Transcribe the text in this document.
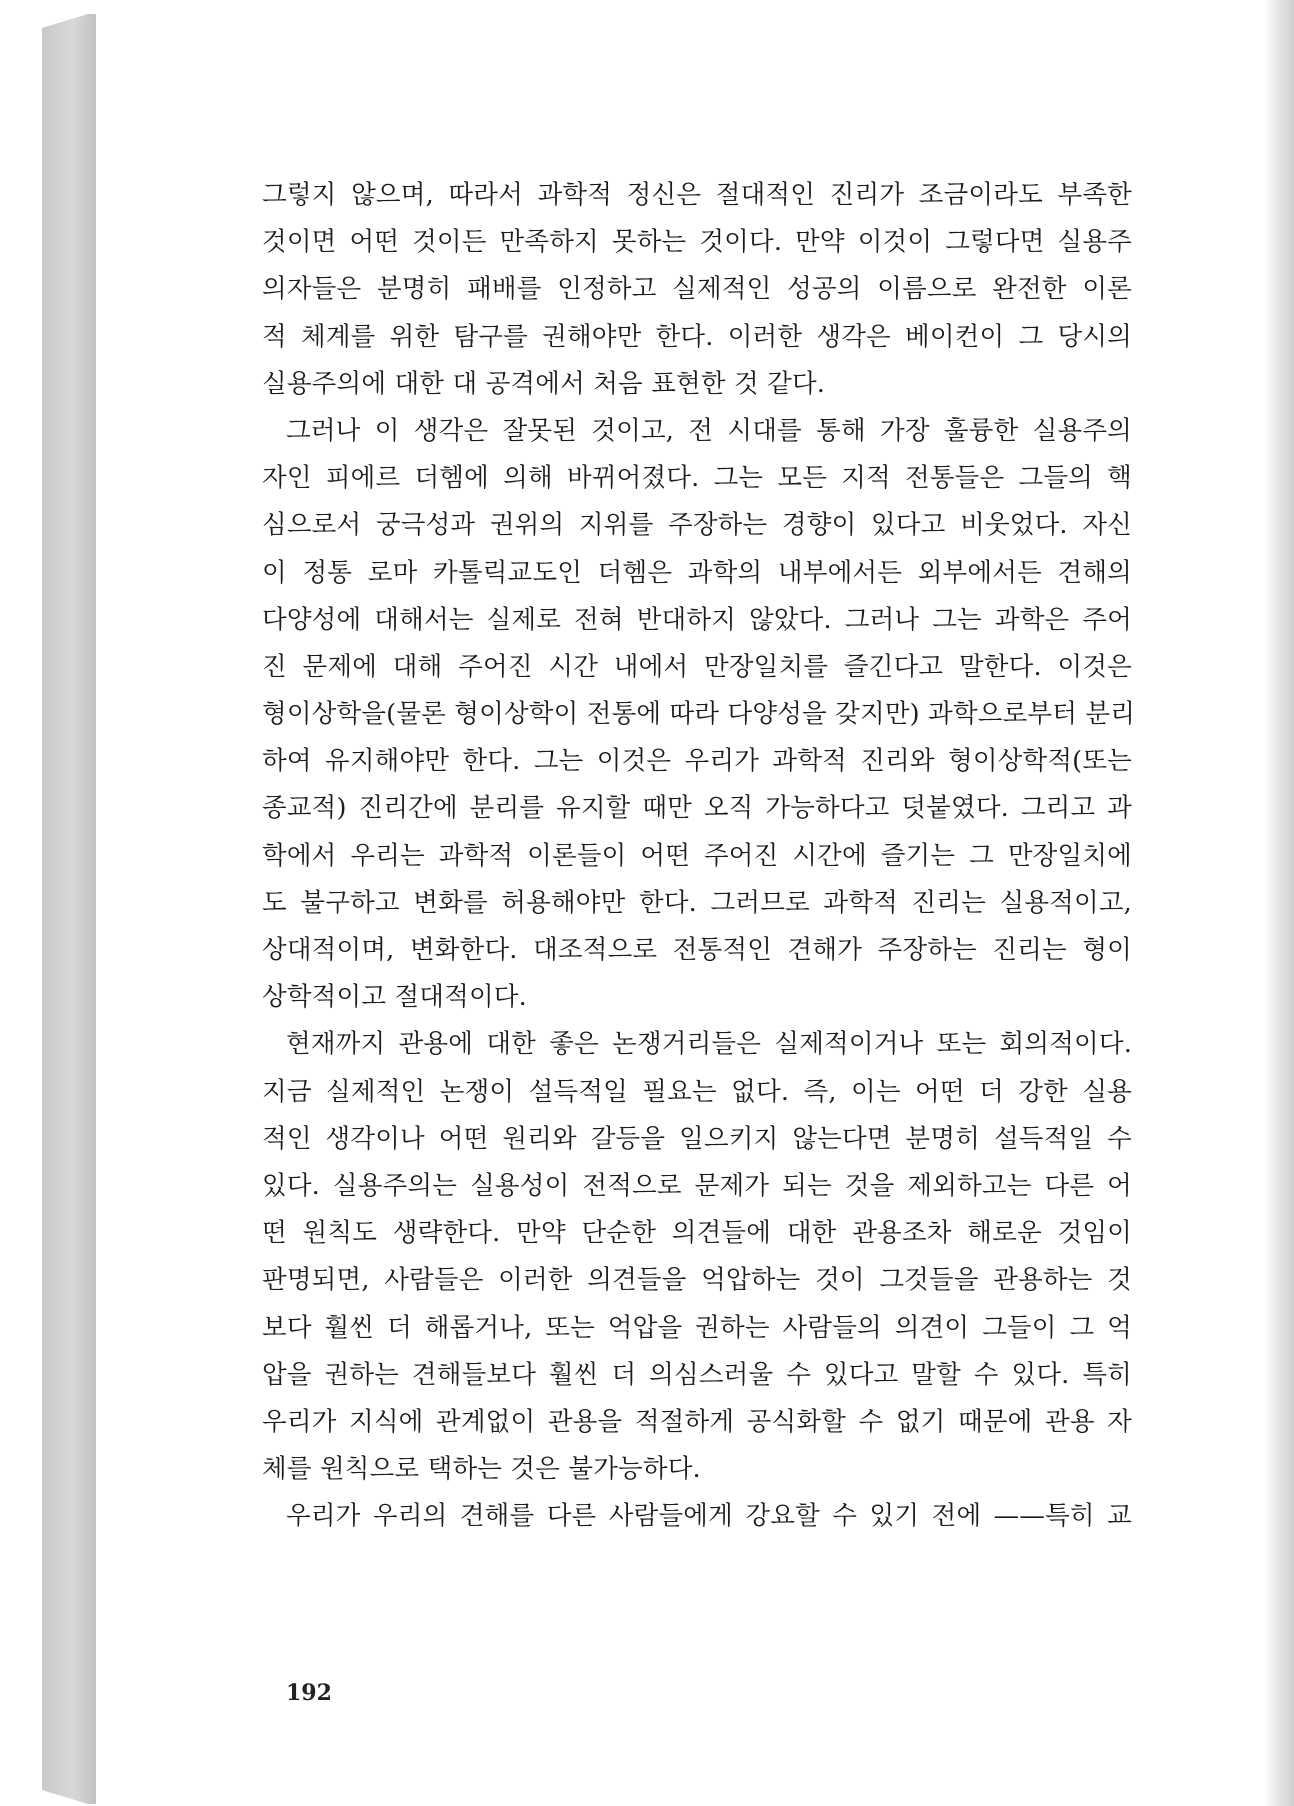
그렇지 않으며, 따라서 과학적 정신은 절대적인 진리가 조금이라도 부족한
것이면 어떤 것이든 만족하지 못하는 것이다. 만약 이것이 그렇다면 실용주
의자들은 분명히 패배를 인정하고 실제적인 성공의 이름으로 완전한 이론
적 체계를 위한 탐구를 권해야만 한다. 이러한 생각은 베이컨이 그 당시의
실용주의에 대한 대 공격에서 처음 표현한 것 같다.
그러나 이 생각은 잘못된 것이고, 전 시대를 통해 가장 훌륭한 실용주의
자인 피에르 더헴에 의해 바뀌어졌다. 그는 모든 지적 전통들은 그들의 핵
심으로서 궁극성과 권위의 지위를 주장하는 경향이 있다고 비웃었다. 자신
이 정통 로마 카톨릭교도인 더헴은 과학의 내부에서든 외부에서든 견해의
다양성에 대해서는 실제로 전혀 반대하지 않았다. 그러나 그는 과학은 주어
진 문제에 대해 주어진 시간 내에서 만장일치를 즐긴다고 말한다. 이것은
형이상학을(물론 형이상학이 전통에 따라 다양성을 갖지만) 과학으로부터 분리
하여 유지해야만 한다. 그는 이것은 우리가 과학적 진리와 형이상학적(또는
종교적) 진리간에 분리를 유지할 때만 오직 가능하다고 덧붙였다. 그리고 과
학에서 우리는 과학적 이론들이 어떤 주어진 시간에 즐기는 그 만장일치에
도 불구하고 변화를 허용해야만 한다. 그러므로 과학적 진리는 실용적이고,
상대적이며, 변화한다. 대조적으로 전통적인 견해가 주장하는 진리는 형이
상학적이고 절대적이다.
현재까지 관용에 대한 좋은 논쟁거리들은 실제적이거나 또는 회의적이다.
지금 실제적인 논쟁이 설득적일 필요는 없다. 즉, 이는 어떤 더 강한 실용
적인 생각이나 어떤 원리와 갈등을 일으키지 않는다면 분명히 설득적일 수
있다. 실용주의는 실용성이 전적으로 문제가 되는 것을 제외하고는 다른 어
떤 원칙도 생략한다. 만약 단순한 의견들에 대한 관용조차 해로운 것임이
판명되면, 사람들은 이러한 의견들을 억압하는 것이 그것들을 관용하는 것
보다 훨씬 더 해롭거나, 또는 억압을 권하는 사람들의 의견이 그들이 그 억
압을 권하는 견해들보다 훨씬 더 의심스러울 수 있다고 말할 수 있다. 특히
우리가 지식에 관계없이 관용을 적절하게 공식화할 수 없기 때문에 관용 자
체를 원칙으로 택하는 것은 불가능하다.
우리가 우리의 견해를 다른 사람들에게 강요할 수 있기 전에 ——특히 교
192
